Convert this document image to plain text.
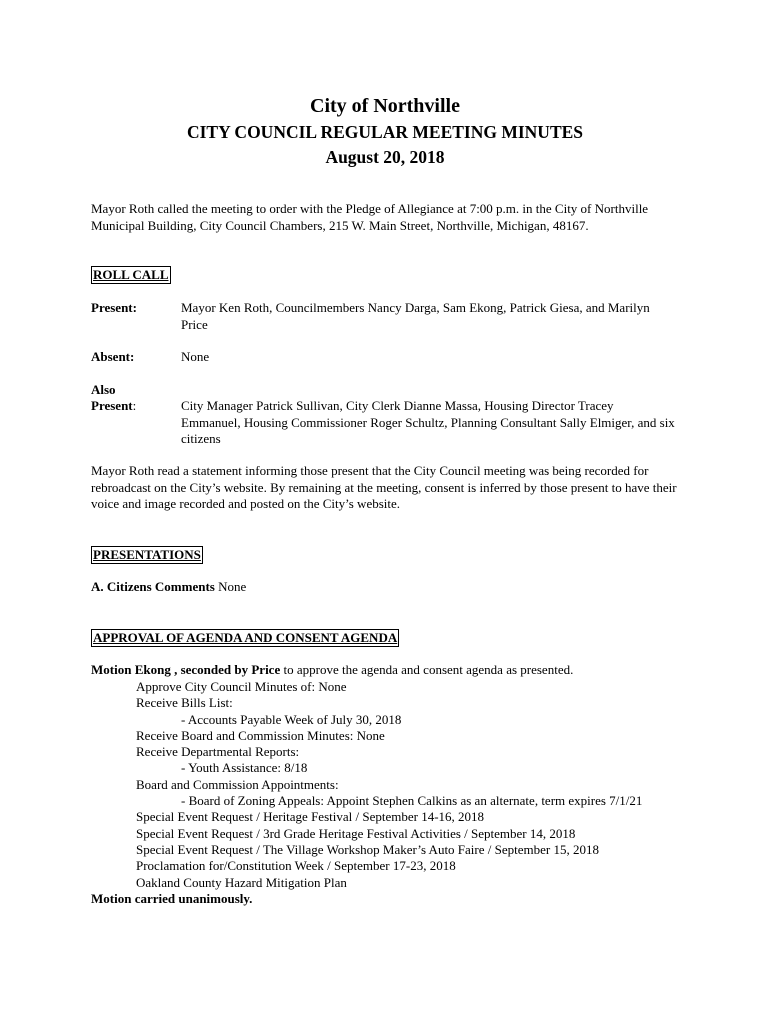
City of Northville
CITY COUNCIL REGULAR MEETING MINUTES
August 20, 2018
Mayor Roth called the meeting to order with the Pledge of Allegiance at 7:00 p.m. in the City of Northville Municipal Building, City Council Chambers, 215 W. Main Street, Northville, Michigan, 48167.
ROLL CALL
Present:	Mayor Ken Roth, Councilmembers Nancy Darga, Sam Ekong, Patrick Giesa, and Marilyn Price
Absent:	None
Also
Present:	City Manager Patrick Sullivan, City Clerk Dianne Massa, Housing Director Tracey Emmanuel, Housing Commissioner Roger Schultz, Planning Consultant Sally Elmiger, and six citizens
Mayor Roth read a statement informing those present that the City Council meeting was being recorded for rebroadcast on the City’s website. By remaining at the meeting, consent is inferred by those present to have their voice and image recorded and posted on the City’s website.
PRESENTATIONS
A. Citizens Comments None
APPROVAL OF AGENDA AND CONSENT AGENDA
Motion Ekong , seconded by Price to approve the agenda and consent agenda as presented.
Approve City Council Minutes of: None
Receive Bills List:
- Accounts Payable Week of July 30, 2018
Receive Board and Commission Minutes: None
Receive Departmental Reports:
- Youth Assistance: 8/18
Board and Commission Appointments:
- Board of Zoning Appeals: Appoint Stephen Calkins as an alternate, term expires 7/1/21
Special Event Request / Heritage Festival / September 14-16, 2018
Special Event Request / 3rd Grade Heritage Festival Activities / September 14, 2018
Special Event Request / The Village Workshop Maker’s Auto Faire / September 15, 2018
Proclamation for/Constitution Week / September 17-23, 2018
Oakland County Hazard Mitigation Plan
Motion carried unanimously.
